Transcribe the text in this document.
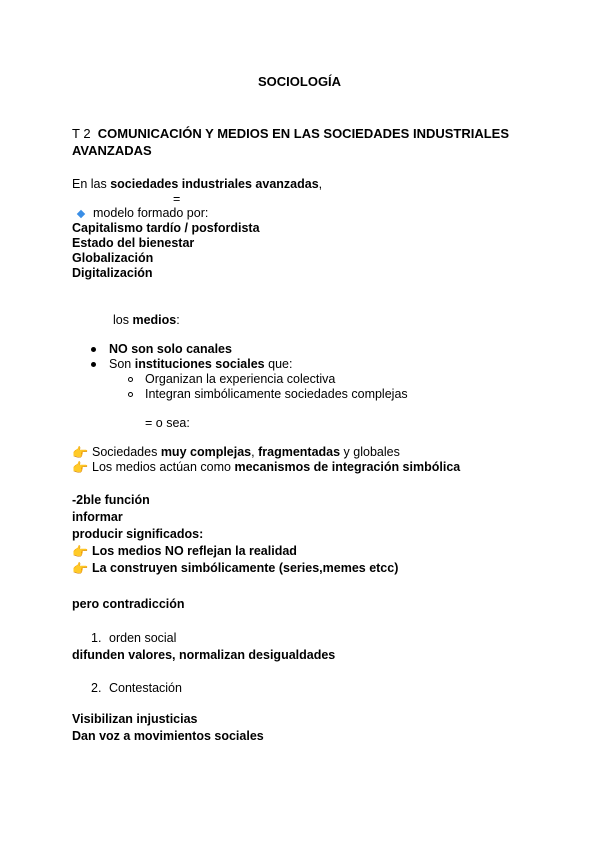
SOCIOLOGÍA
T 2 COMUNICACIÓN Y MEDIOS EN LAS SOCIEDADES INDUSTRIALES
AVANZADAS
En las sociedades industriales avanzadas,
=
modelo formado por:
Capitalismo tardío / posfordista
Estado del bienestar
Globalización
Digitalización
los medios:
NO son solo canales
Son instituciones sociales que:
Organizan la experiencia colectiva
Integran simbólicamente sociedades complejas
= o sea:
👉 Sociedades muy complejas, fragmentadas y globales
👉 Los medios actúan como mecanismos de integración simbólica
-2ble función
informar
producir significados:
👉 Los medios NO reflejan la realidad
👉 La construyen simbólicamente (series,memes etcc)
pero contradicción
1. orden social
difunden valores, normalizan desigualdades
2. Contestación
Visibilizan injusticias
Dan voz a movimientos sociales
